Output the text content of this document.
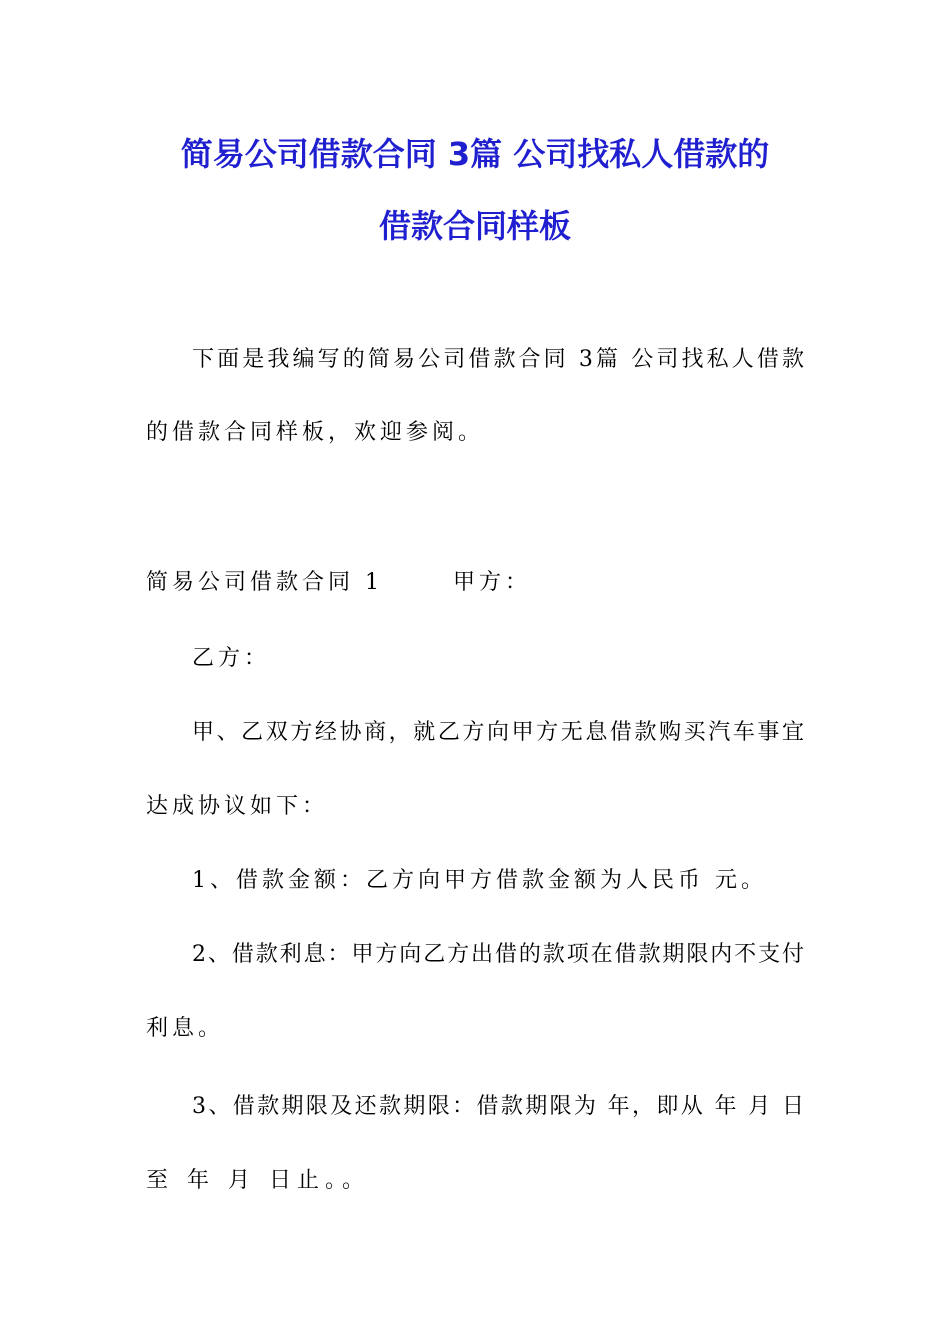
简易公司借款合同 3篇 公司找私人借款的
借款合同样板
下面是我编写的简易公司借款合同 3篇 公司找私人借款
的借款合同样板，欢迎参阅。
简易公司借款合同 1	甲方：
乙方：
甲、乙双方经协商，就乙方向甲方无息借款购买汽车事宜
达成协议如下：
1、借款金额：乙方向甲方借款金额为人民币 元。
2、借款利息：甲方向乙方出借的款项在借款期限内不支付
利息。
3、借款期限及还款期限：借款期限为 年，即从 年 月 日
至 年 月 日止。。
